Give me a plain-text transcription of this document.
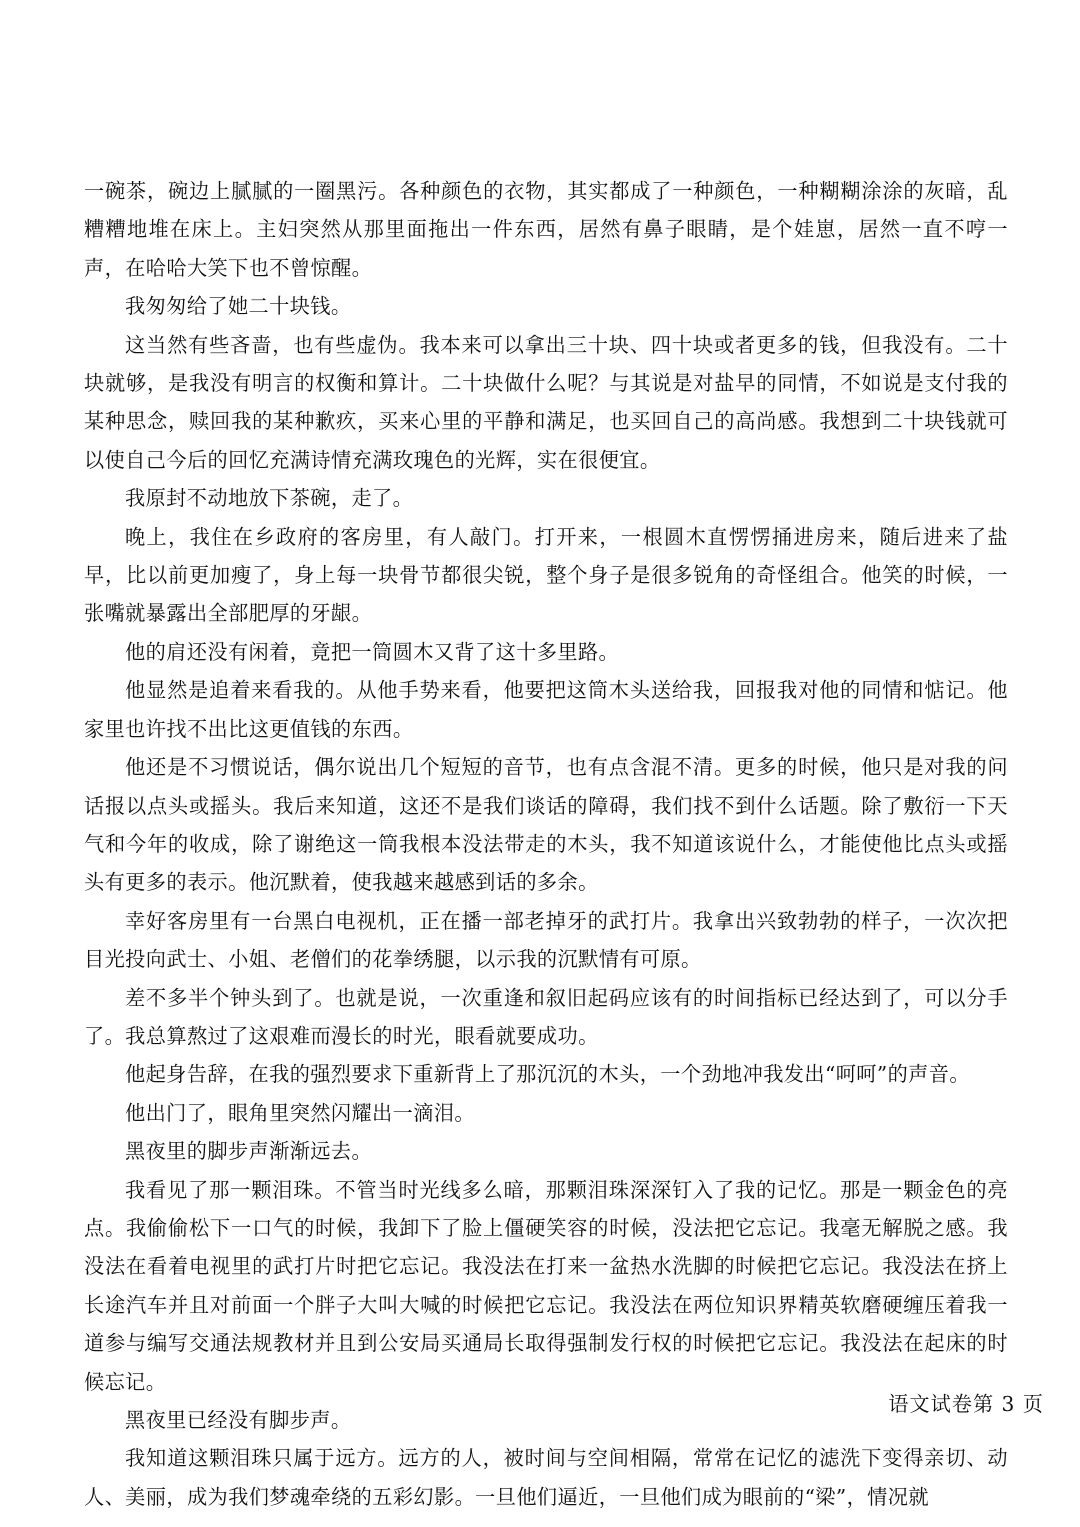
一碗茶，碗边上腻腻的一圈黑污。各种颜色的衣物，其实都成了一种颜色，一种糊糊涂涂的灰暗，乱糟糟地堆在床上。主妇突然从那里面拖出一件东西，居然有鼻子眼睛，是个娃崽，居然一直不哼一声，在哈哈大笑下也不曾惊醒。

我匆匆给了她二十块钱。

这当然有些吝啬，也有些虚伪。我本来可以拿出三十块、四十块或者更多的钱，但我没有。二十块就够，是我没有明言的权衡和算计。二十块做什么呢？与其说是对盐早的同情，不如说是支付我的某种思念，赎回我的某种歉疚，买来心里的平静和满足，也买回自己的高尚感。我想到二十块钱就可以使自己今后的回忆充满诗情充满玫瑰色的光辉，实在很便宜。

我原封不动地放下茶碗，走了。

晚上，我住在乡政府的客房里，有人敲门。打开来，一根圆木直愣愣捅进房来，随后进来了盐早，比以前更加瘦了，身上每一块骨节都很尖锐，整个身子是很多锐角的奇怪组合。他笑的时候，一张嘴就暴露出全部肥厚的牙龈。

他的肩还没有闲着，竟把一筒圆木又背了这十多里路。

他显然是追着来看我的。从他手势来看，他要把这筒木头送给我，回报我对他的同情和惦记。他家里也许找不出比这更值钱的东西。

他还是不习惯说话，偶尔说出几个短短的音节，也有点含混不清。更多的时候，他只是对我的问话报以点头或摇头。我后来知道，这还不是我们谈话的障碍，我们找不到什么话题。除了敷衍一下天气和今年的收成，除了谢绝这一筒我根本没法带走的木头，我不知道该说什么，才能使他比点头或摇头有更多的表示。他沉默着，使我越来越感到话的多余。

幸好客房里有一台黑白电视机，正在播一部老掉牙的武打片。我拿出兴致勃勃的样子，一次次把目光投向武士、小姐、老僧们的花拳绣腿，以示我的沉默情有可原。

差不多半个钟头到了。也就是说，一次重逢和叙旧起码应该有的时间指标已经达到了，可以分手了。我总算熬过了这艰难而漫长的时光，眼看就要成功。

他起身告辞，在我的强烈要求下重新背上了那沉沉的木头，一个劲地冲我发出“呵呵”的声音。

他出门了，眼角里突然闪耀出一滴泪。

黑夜里的脚步声渐渐远去。

我看见了那一颗泪珠。不管当时光线多么暗，那颗泪珠深深钉入了我的记忆。那是一颗金色的亮点。我偷偷松下一口气的时候，我卸下了脸上僵硬笑容的时候，没法把它忘记。我毫无解脱之感。我没法在看着电视里的武打片时把它忘记。我没法在打来一盆热水洗脚的时候把它忘记。我没法在挤上长途汽车并且对前面一个胖子大叫大喊的时候把它忘记。我没法在两位知识界精英软磨硬缠压着我一道参与编写交通法规教材并且到公安局买通局长取得强制发行权的时候把它忘记。我没法在起床的时候忘记。

黑夜里已经没有脚步声。

我知道这颗泪珠只属于远方。远方的人，被时间与空间相隔，常常在记忆的滤洗下变得亲切、动人、美丽，成为我们梦魂牵绕的五彩幻影。一旦他们逼近，一旦他们成为眼前的“梁”，情况就

语文试卷第 3 页
